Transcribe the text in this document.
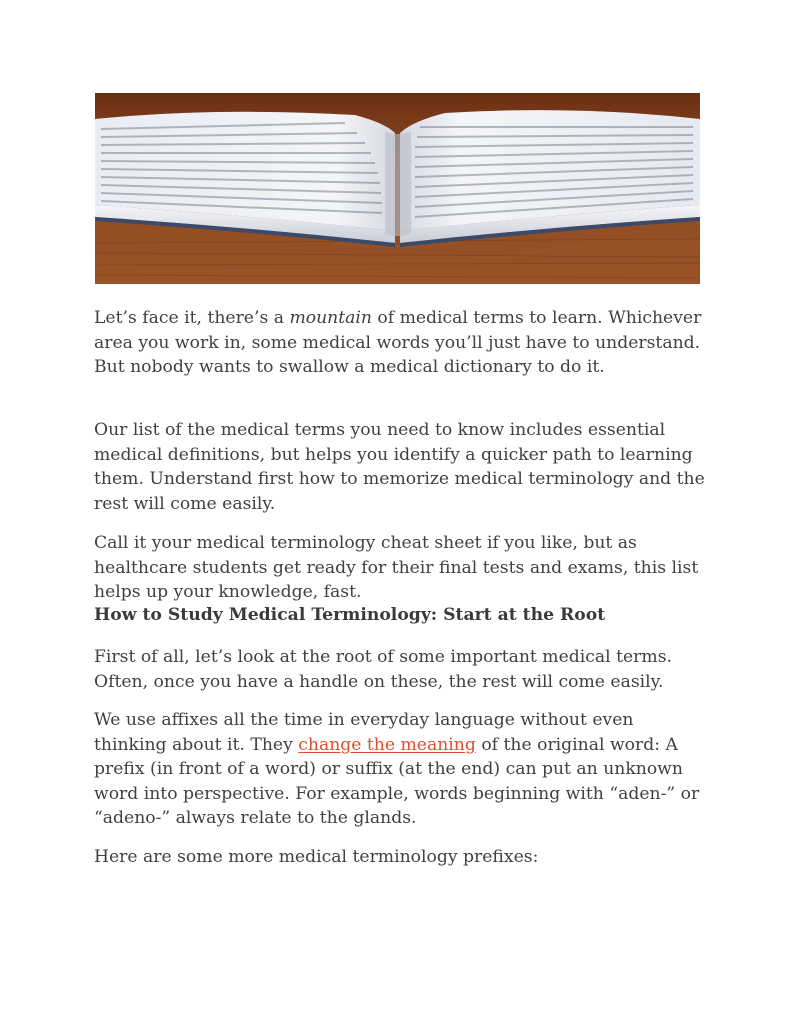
Let’s face it, there’s a mountain of medical terms to learn. Whichever area you work in, some medical words you’ll just have to understand. But nobody wants to swallow a medical dictionary to do it.

Our list of the medical terms you need to know includes essential medical definitions, but helps you identify a quicker path to learning them. Understand first how to memorize medical terminology and the rest will come easily.

Call it your medical terminology cheat sheet if you like, but as healthcare students get ready for their final tests and exams, this list helps up your knowledge, fast.

How to Study Medical Terminology: Start at the Root

First of all, let’s look at the root of some important medical terms. Often, once you have a handle on these, the rest will come easily.

We use affixes all the time in everyday language without even thinking about it. They change the meaning of the original word: A prefix (in front of a word) or suffix (at the end) can put an unknown word into perspective. For example, words beginning with “aden-” or “adeno-” always relate to the glands.

Here are some more medical terminology prefixes:
